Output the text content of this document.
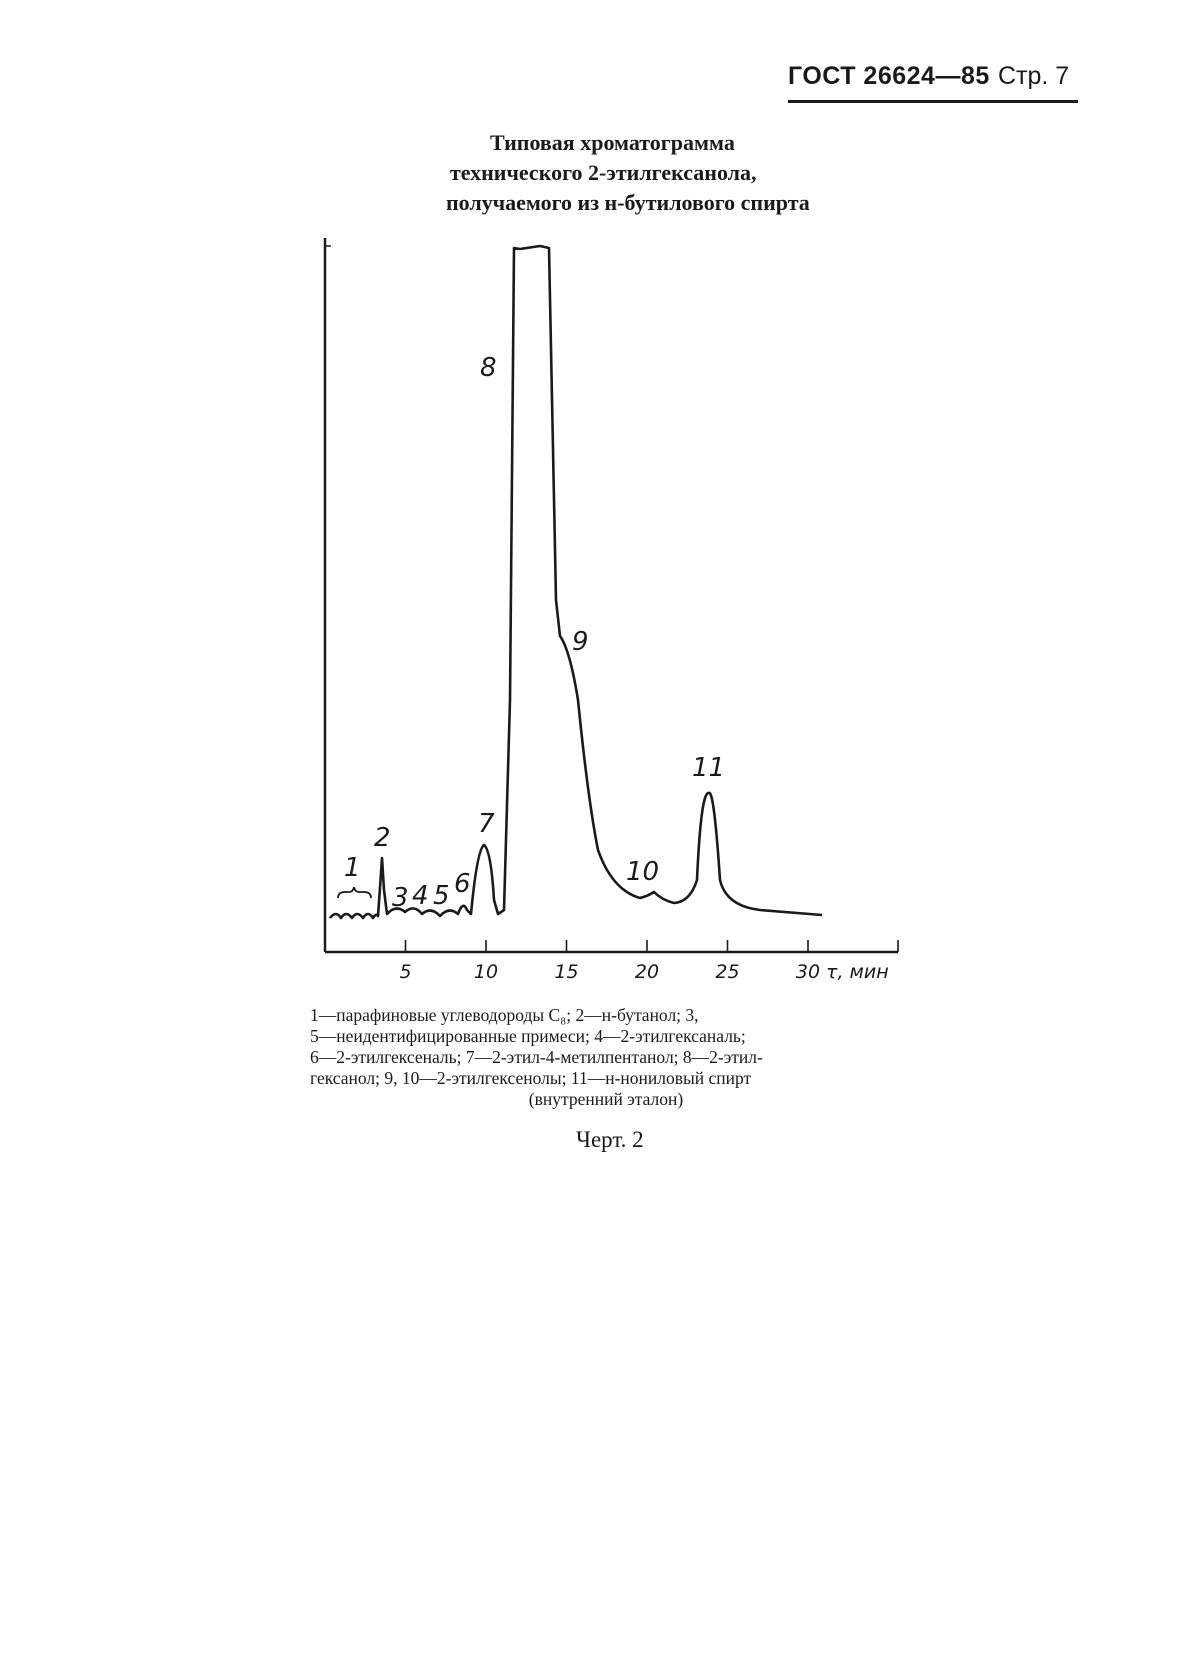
ГОСТ 26624—85 Стр. 7
Типовая хроматограмма
технического 2-этилгексанола,
получаемого из н-бутилового спирта
5	10	15	20	25	30 τ, мин
1
2
3 4 5 6
7
8
9
10
11
1—парафиновые углеводороды C₈; 2—н-бутанол; 3,
5—неидентифицированные примеси; 4—2-этилгексаналь;
6—2-этилгексеналь; 7—2-этил-4-метилпентанол; 8—2-этил-
гексанол; 9, 10—2-этилгексенолы; 11—н-нониловый спирт
(внутренний эталон)
Черт. 2
